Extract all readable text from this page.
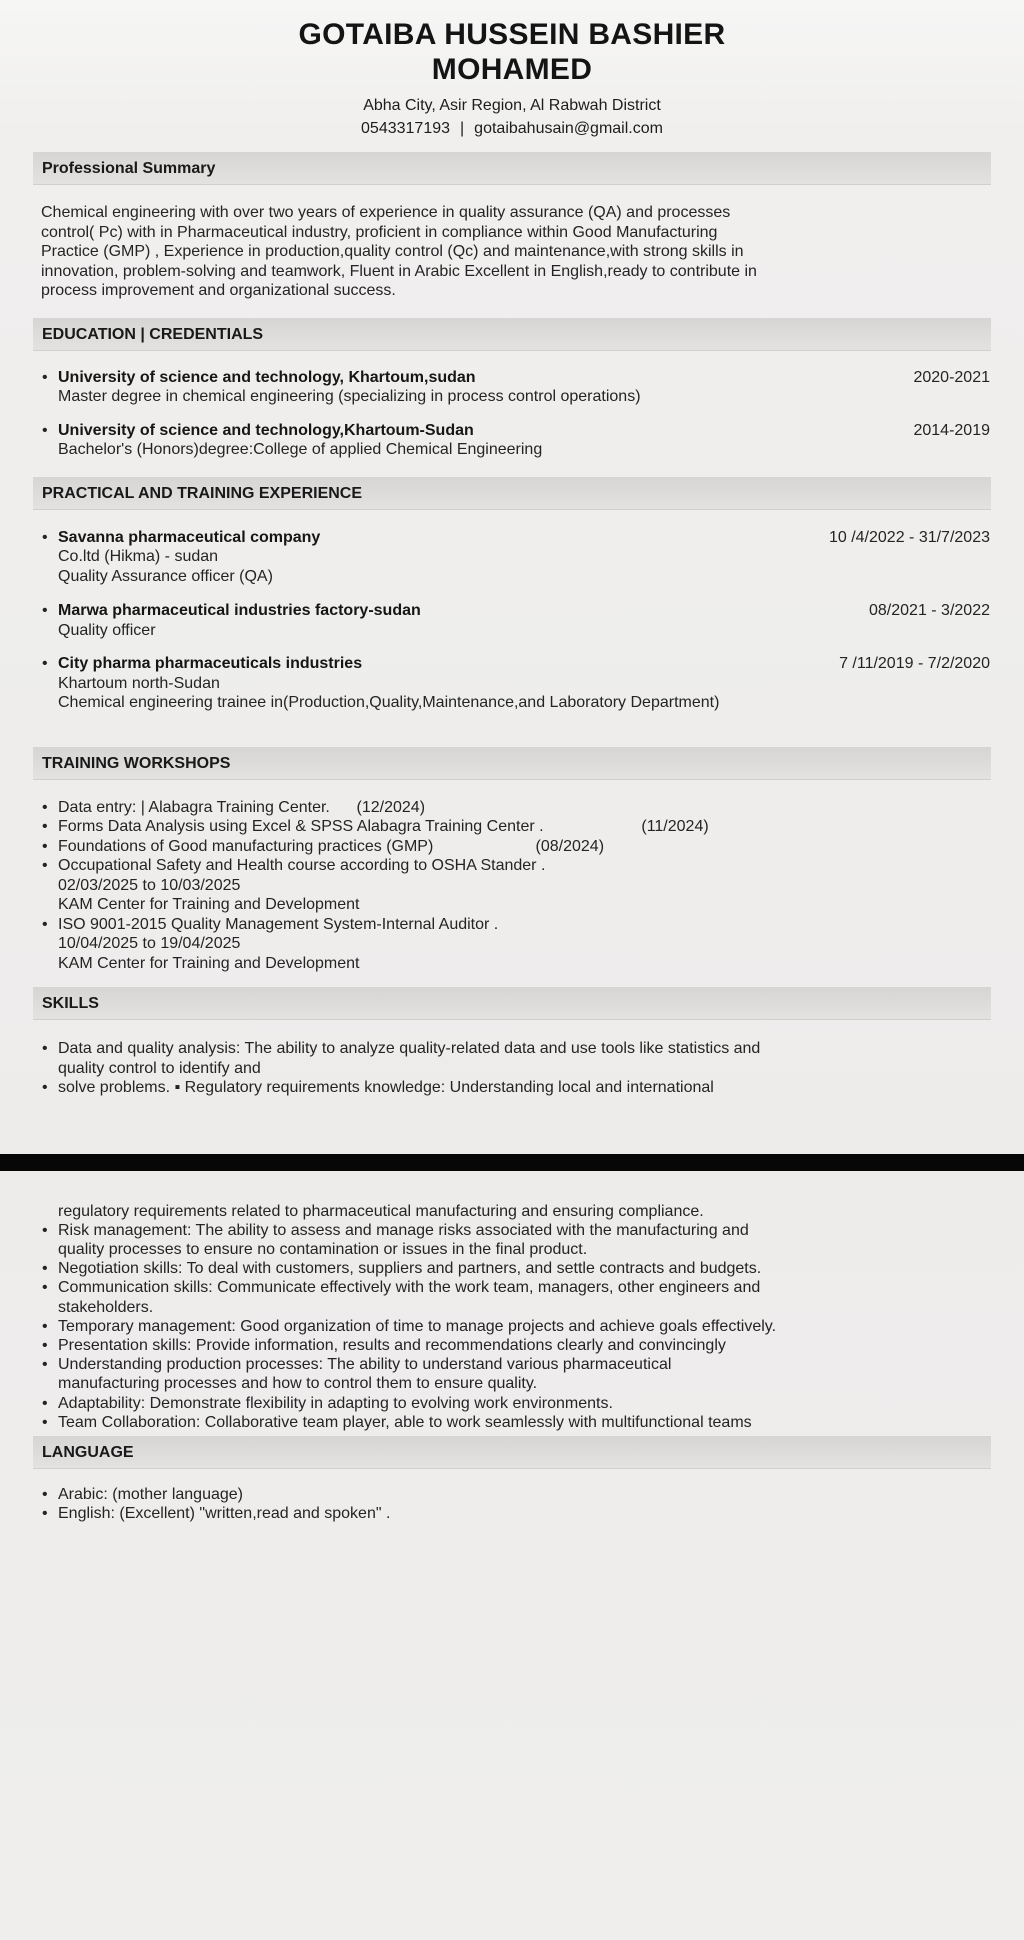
GOTAIBA HUSSEIN BASHIER
MOHAMED
Abha City, Asir Region, Al Rabwah District
0543317193 | gotaibahusain@gmail.com
Professional Summary
Chemical engineering with over two years of experience in quality assurance (QA) and processes
control( Pc) with in Pharmaceutical industry, proficient in compliance within Good Manufacturing
Practice (GMP) , Experience in production,quality control (Qc) and maintenance,with strong skills in
innovation, problem-solving and teamwork, Fluent in Arabic Excellent in English,ready to contribute in
process improvement and organizational success.
EDUCATION | CREDENTIALS
• University of science and technology, Khartoum,sudan	2020-2021
Master degree in chemical engineering (specializing in process control operations)
• University of science and technology,Khartoum-Sudan	2014-2019
Bachelor's (Honors)degree:College of applied Chemical Engineering
PRACTICAL AND TRAINING EXPERIENCE
• Savanna pharmaceutical company	10 /4/2022 - 31/7/2023
Co.ltd (Hikma) - sudan
Quality Assurance officer (QA)
• Marwa pharmaceutical industries factory-sudan	08/2021 - 3/2022
Quality officer
• City pharma pharmaceuticals industries	7 /11/2019 - 7/2/2020
Khartoum north-Sudan
Chemical engineering trainee in(Production,Quality,Maintenance,and Laboratory Department)
TRAINING WORKSHOPS
• Data entry: | Alabagra Training Center.      (12/2024)
• Forms Data Analysis using Excel & SPSS Alabagra Training Center .                      (11/2024)
• Foundations of Good manufacturing practices (GMP)                       (08/2024)
• Occupational Safety and Health course according to OSHA Stander .
02/03/2025 to 10/03/2025
KAM Center for Training and Development
• ISO 9001-2015 Quality Management System-Internal Auditor .
10/04/2025 to 19/04/2025
KAM Center for Training and Development
SKILLS
• Data and quality analysis: The ability to analyze quality-related data and use tools like statistics and
quality control to identify and
• solve problems. ▪ Regulatory requirements knowledge: Understanding local and international
regulatory requirements related to pharmaceutical manufacturing and ensuring compliance.
• Risk management: The ability to assess and manage risks associated with the manufacturing and
quality processes to ensure no contamination or issues in the final product.
• Negotiation skills: To deal with customers, suppliers and partners, and settle contracts and budgets.
• Communication skills: Communicate effectively with the work team, managers, other engineers and
stakeholders.
• Temporary management: Good organization of time to manage projects and achieve goals effectively.
• Presentation skills: Provide information, results and recommendations clearly and convincingly
• Understanding production processes: The ability to understand various pharmaceutical
manufacturing processes and how to control them to ensure quality.
• Adaptability: Demonstrate flexibility in adapting to evolving work environments.
• Team Collaboration: Collaborative team player, able to work seamlessly with multifunctional teams
LANGUAGE
• Arabic: (mother language)
• English: (Excellent) "written,read and spoken" .
